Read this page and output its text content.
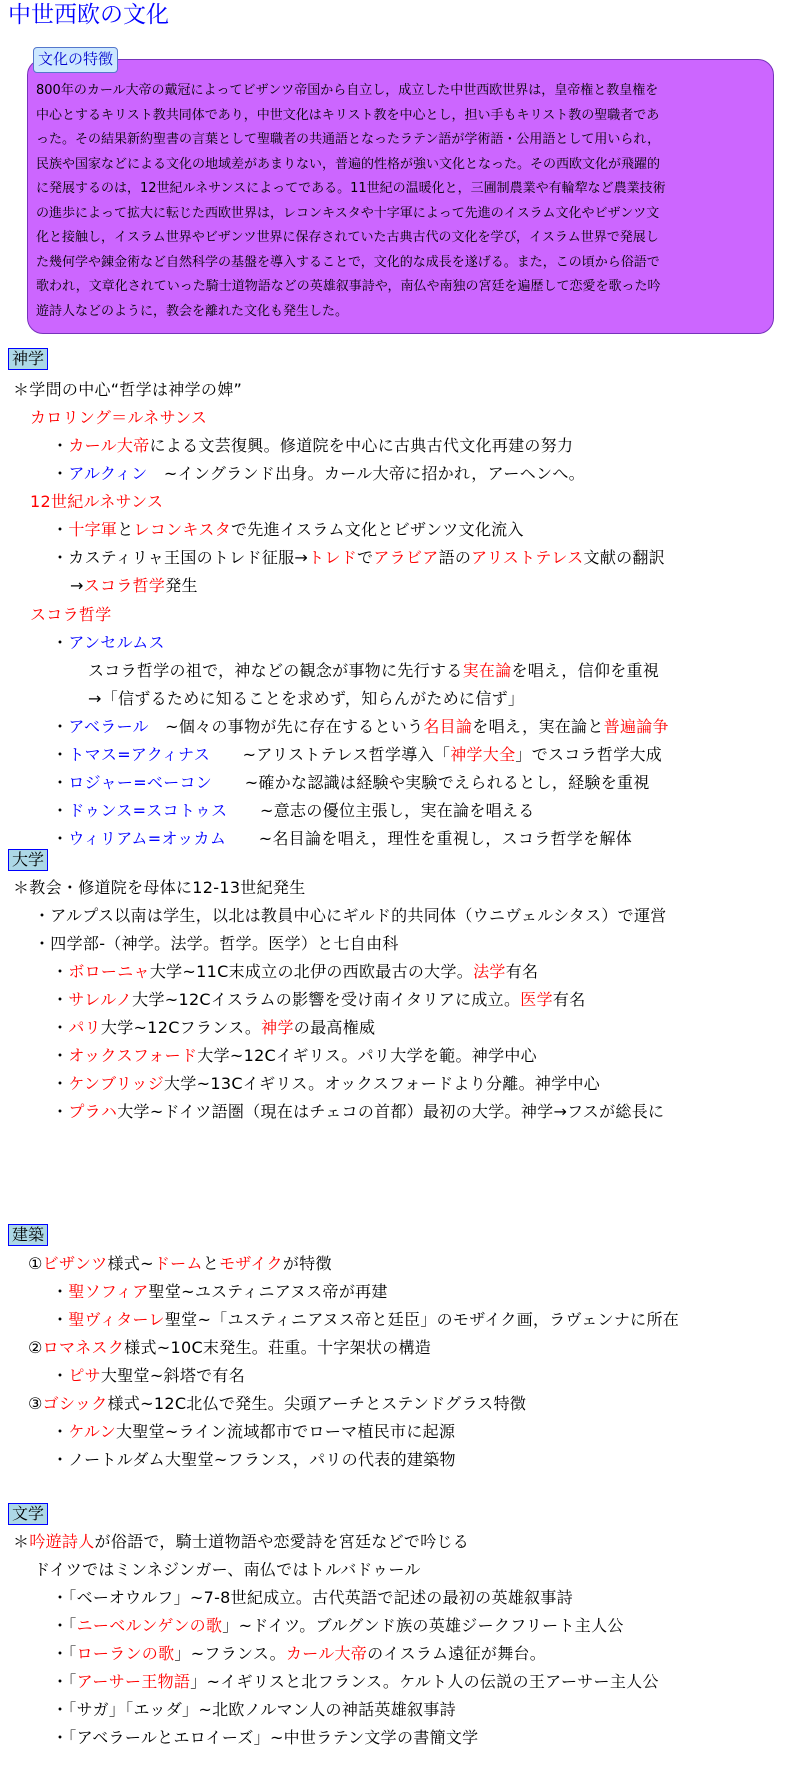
中世西欧の文化
文化の特徴
800年のカール大帝の戴冠によってビザンツ帝国から自立し，成立した中世西欧世界は，皇帝権と教皇権を
中心とするキリスト教共同体であり，中世文化はキリスト教を中心とし，担い手もキリスト教の聖職者であ
った。その結果新約聖書の言葉として聖職者の共通語となったラテン語が学術語・公用語として用いられ，
民族や国家などによる文化の地域差があまりない，普遍的性格が強い文化となった。その西欧文化が飛躍的
に発展するのは，12世紀ルネサンスによってである。11世紀の温暖化と，三圃制農業や有輪犂など農業技術
の進歩によって拡大に転じた西欧世界は，レコンキスタや十字軍によって先進のイスラム文化やビザンツ文
化と接触し，イスラム世界やビザンツ世界に保存されていた古典古代の文化を学び，イスラム世界で発展し
た幾何学や錬金術など自然科学の基盤を導入することで，文化的な成長を遂げる。また，この頃から俗語で
歌われ，文章化されていった騎士道物語などの英雄叙事詩や，南仏や南独の宮廷を遍歴して恋愛を歌った吟
遊詩人などのように，教会を離れた文化も発生した。
神学
＊学問の中心“哲学は神学の婢”
カロリング＝ルネサンス
・カール大帝による文芸復興。修道院を中心に古典古代文化再建の努力
・アルクィン　~イングランド出身。カール大帝に招かれ，アーヘンへ。
12世紀ルネサンス
・十字軍とレコンキスタで先進イスラム文化とビザンツ文化流入
・カスティリャ王国のトレド征服→トレドでアラビア語のアリストテレス文献の翻訳
→スコラ哲学発生
スコラ哲学
・アンセルムス
スコラ哲学の祖で，神などの観念が事物に先行する実在論を唱え，信仰を重視
→「信ずるために知ることを求めず，知らんがために信ず」
・アベラール　~個々の事物が先に存在するという名目論を唱え，実在論と普遍論争
・トマス=アクィナス　　~アリストテレス哲学導入「神学大全」でスコラ哲学大成
・ロジャー=ベーコン　　~確かな認識は経験や実験でえられるとし，経験を重視
・ドゥンス=スコトゥス　　~意志の優位主張し，実在論を唱える
・ウィリアム=オッカム　　~名目論を唱え，理性を重視し，スコラ哲学を解体
大学
＊教会・修道院を母体に12-13世紀発生
・アルプス以南は学生，以北は教員中心にギルド的共同体（ウニヴェルシタス）で運営
・四学部-（神学。法学。哲学。医学）と七自由科
・ボローニャ大学~11C末成立の北伊の西欧最古の大学。法学有名
・サレルノ大学~12Cイスラムの影響を受け南イタリアに成立。医学有名
・パリ大学~12Cフランス。神学の最高権威
・オックスフォード大学~12Cイギリス。パリ大学を範。神学中心
・ケンブリッジ大学~13Cイギリス。オックスフォードより分離。神学中心
・プラハ大学~ドイツ語圏（現在はチェコの首都）最初の大学。神学→フスが総長に
建築
①ビザンツ様式~ドームとモザイクが特徴
・聖ソフィア聖堂~ユスティニアヌス帝が再建
・聖ヴィターレ聖堂~「ユスティニアヌス帝と廷臣」のモザイク画，ラヴェンナに所在
②ロマネスク様式~10C末発生。荘重。十字架状の構造
・ピサ大聖堂~斜塔で有名
③ゴシック様式~12C北仏で発生。尖頭アーチとステンドグラス特徴
・ケルン大聖堂~ライン流域都市でローマ植民市に起源
・ノートルダム大聖堂~フランス，パリの代表的建築物
文学
＊吟遊詩人が俗語で，騎士道物語や恋愛詩を宮廷などで吟じる
ドイツではミンネジンガー、南仏ではトルバドゥール
・「ベーオウルフ」~7-8世紀成立。古代英語で記述の最初の英雄叙事詩
・「ニーベルンゲンの歌」~ドイツ。ブルグンド族の英雄ジークフリート主人公
・「ローランの歌」~フランス。カール大帝のイスラム遠征が舞台。
・「アーサー王物語」~イギリスと北フランス。ケルト人の伝説の王アーサー主人公
・「サガ」「エッダ」~北欧ノルマン人の神話英雄叙事詩
・「アベラールとエロイーズ」~中世ラテン文学の書簡文学
